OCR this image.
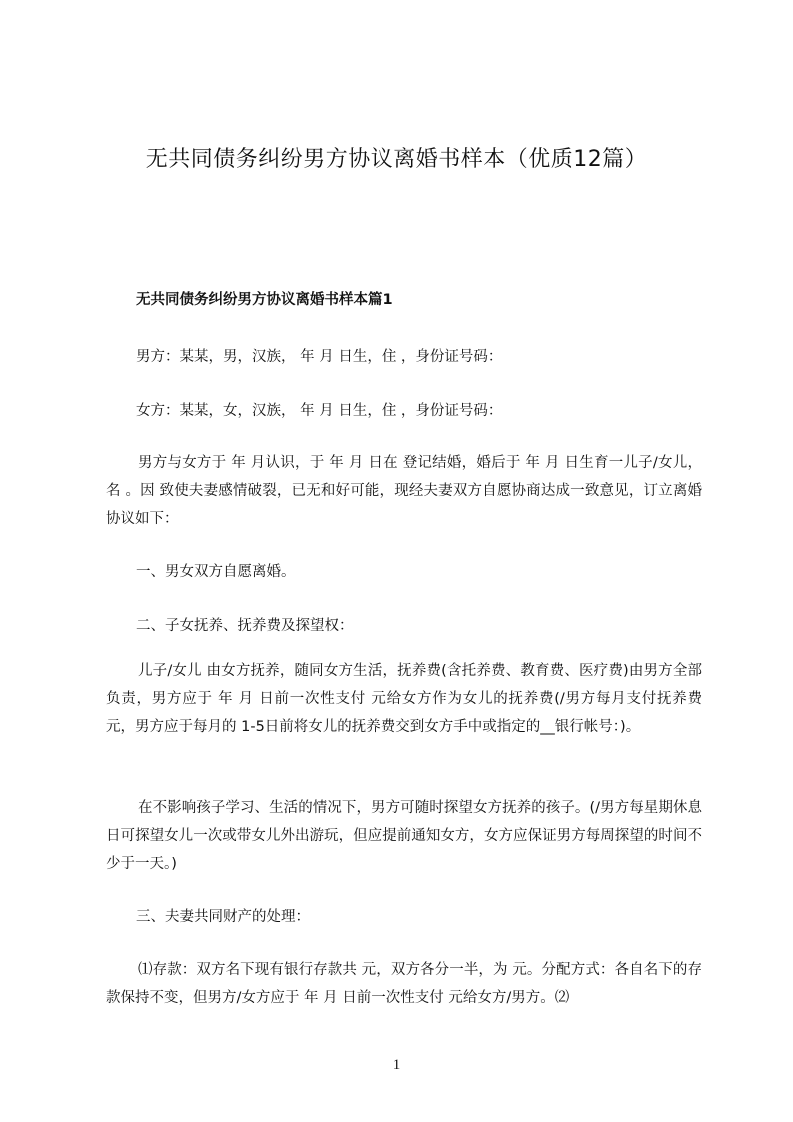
无共同债务纠纷男方协议离婚书样本（优质12篇）
无共同债务纠纷男方协议离婚书样本篇1
男方：某某，男，汉族， 年 月 日生，住 ，身份证号码：
女方：某某，女，汉族， 年 月 日生，住 ，身份证号码：
男方与女方于 年 月认识，于 年 月 日在 登记结婚，婚后于 年 月 日生育一儿子/女儿，名 。因 致使夫妻感情破裂，已无和好可能，现经夫妻双方自愿协商达成一致意见，订立离婚协议如下：
一、男女双方自愿离婚。
二、子女抚养、抚养费及探望权：
儿子/女儿 由女方抚养，随同女方生活，抚养费(含托养费、教育费、医疗费)由男方全部负责，男方应于 年 月 日前一次性支付 元给女方作为女儿的抚养费(/男方每月支付抚养费 元，男方应于每月的 1-5日前将女儿的抚养费交到女方手中或指定的__银行帐号：)。
在不影响孩子学习、生活的情况下，男方可随时探望女方抚养的孩子。(/男方每星期休息日可探望女儿一次或带女儿外出游玩，但应提前通知女方，女方应保证男方每周探望的时间不少于一天。)
三、夫妻共同财产的处理：
⑴存款：双方名下现有银行存款共 元，双方各分一半，为 元。分配方式：各自名下的存款保持不变，但男方/女方应于 年 月 日前一次性支付 元给女方/男方。⑵
1
